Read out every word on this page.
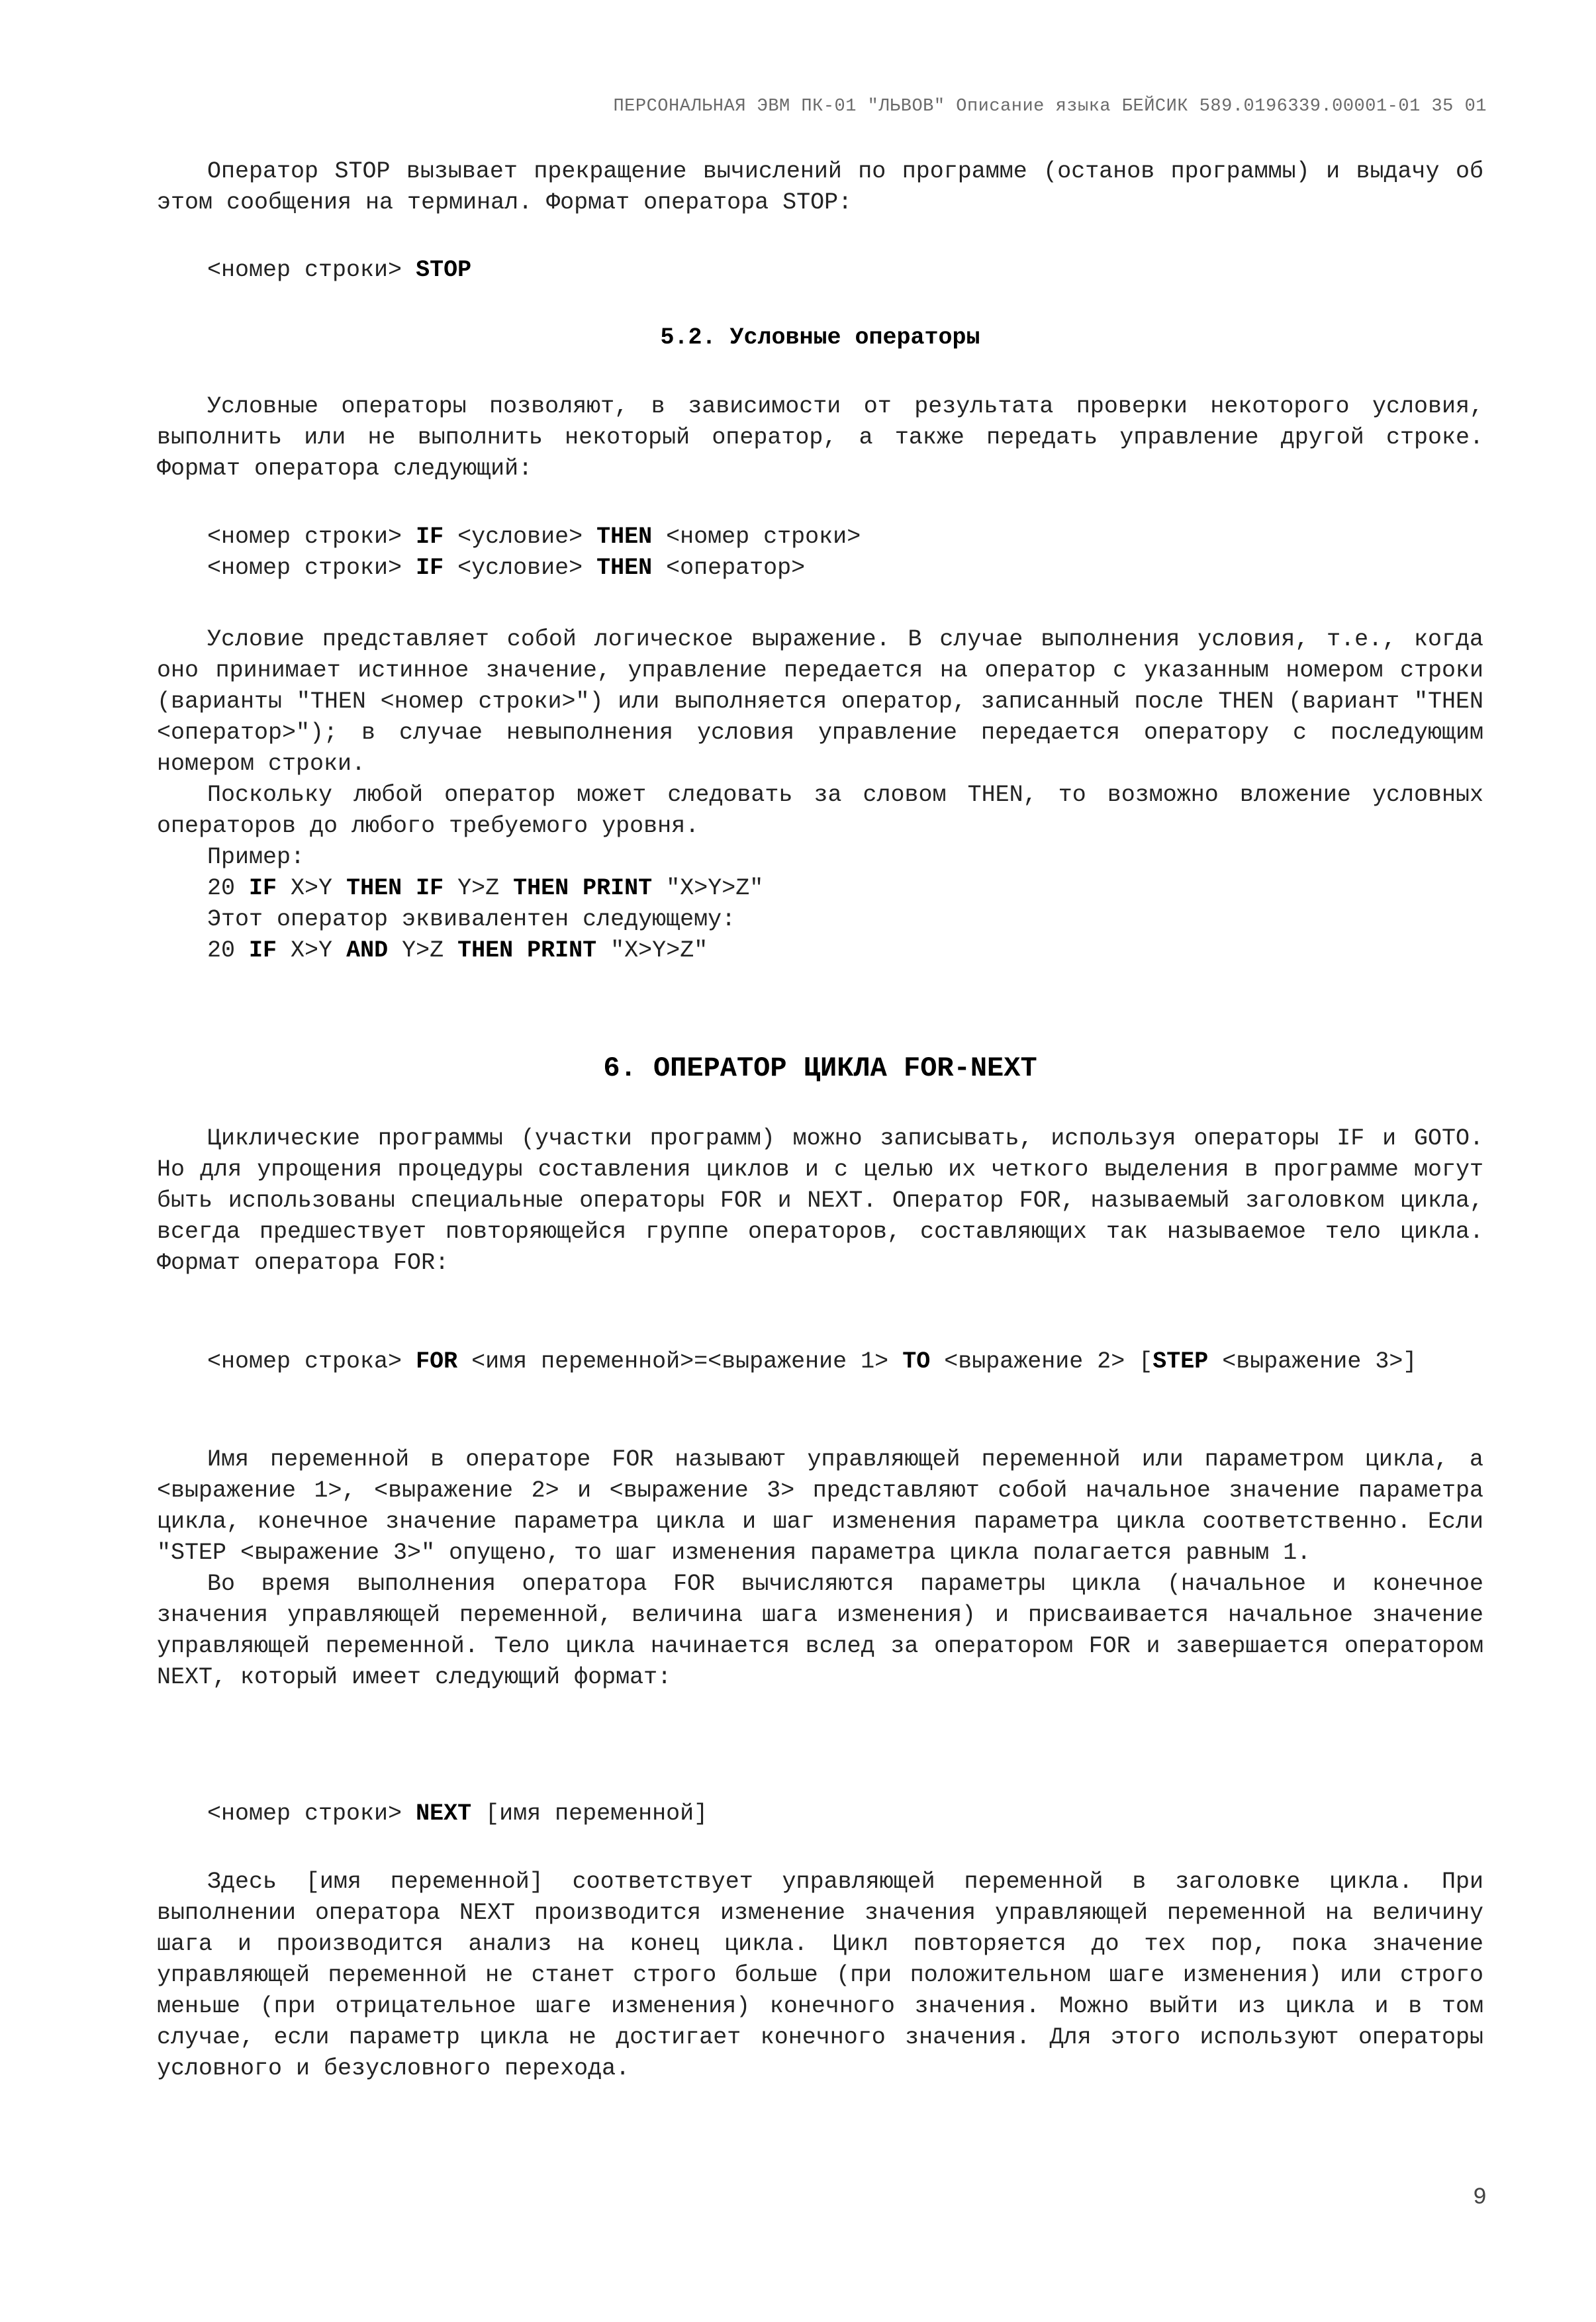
ПЕРСОНАЛЬНАЯ ЭВМ ПК-01 "ЛЬВОВ" Описание языка БЕЙСИК 589.0196339.00001-01 35 01

Оператор STOP вызывает прекращение вычислений по программе (останов программы) и выдачу об этом сообщения на терминал. Формат оператора STOP:

<номер строки> STOP

5.2. Условные операторы

Условные операторы позволяют, в зависимости от результата проверки некоторого условия, выполнить или не выполнить некоторый оператор, а также передать управление другой строке. Формат оператора следующий:

<номер строки> IF <условие> THEN <номер строки>

<номер строки> IF <условие> THEN <оператор>

Условие представляет собой логическое выражение. В случае выполнения условия, т.е., когда оно принимает истинное значение, управление передается на оператор с указанным номером строки (варианты "THEN <номер строки>") или выполняется оператор, записанный после THEN (вариант "THEN <оператор>"); в случае невыполнения условия управление передается оператору с последующим номером строки.

Поскольку любой оператор может следовать за словом THEN, то возможно вложение условных операторов до любого требуемого уровня.

Пример:

20 IF X>Y THEN IF Y>Z THEN PRINT "X>Y>Z"

Этот оператор эквивалентен следующему:

20 IF X>Y AND Y>Z THEN PRINT "X>Y>Z"

6. ОПЕРАТОР ЦИКЛА FOR-NEXT

Циклические программы (участки программ) можно записывать, используя операторы IF и GOTO. Но для упрощения процедуры составления циклов и с целью их четкого выделения в программе могут быть использованы специальные операторы FOR и NEXT. Оператор FOR, называемый заголовком цикла, всегда предшествует повторяющейся группе операторов, составляющих так называемое тело цикла. Формат оператора FOR:

<номер строка> FOR <имя переменной>=<выражение 1> TO <выражение 2> [STEP <выражение 3>]

Имя переменной в операторе FOR называют управляющей переменной или параметром цикла, а <выражение 1>, <выражение 2> и <выражение 3> представляют собой начальное значение параметра цикла, конечное значение параметра цикла и шаг изменения параметра цикла соответственно. Если "STEP <выражение 3>" опущено, то шаг изменения параметра цикла полагается равным 1.

Во время выполнения оператора FOR вычисляются параметры цикла (начальное и конечное значения управляющей переменной, величина шага изменения) и присваивается начальное значение управляющей переменной. Тело цикла начинается вслед за оператором FOR и завершается оператором NEXT, который имеет следующий формат:

<номер строки> NEXT [имя переменной]

Здесь [имя переменной] соответствует управляющей переменной в заголовке цикла. При выполнении оператора NEXT производится изменение значения управляющей переменной на величину шага и производится анализ на конец цикла. Цикл повторяется до тех пор, пока значение управляющей переменной не станет строго больше (при положительном шаге изменения) или строго меньше (при отрицательное шаге изменения) конечного значения. Можно выйти из цикла и в том случае, если параметр цикла не достигает конечного значения. Для этого используют операторы условного и безусловного перехода.

9
